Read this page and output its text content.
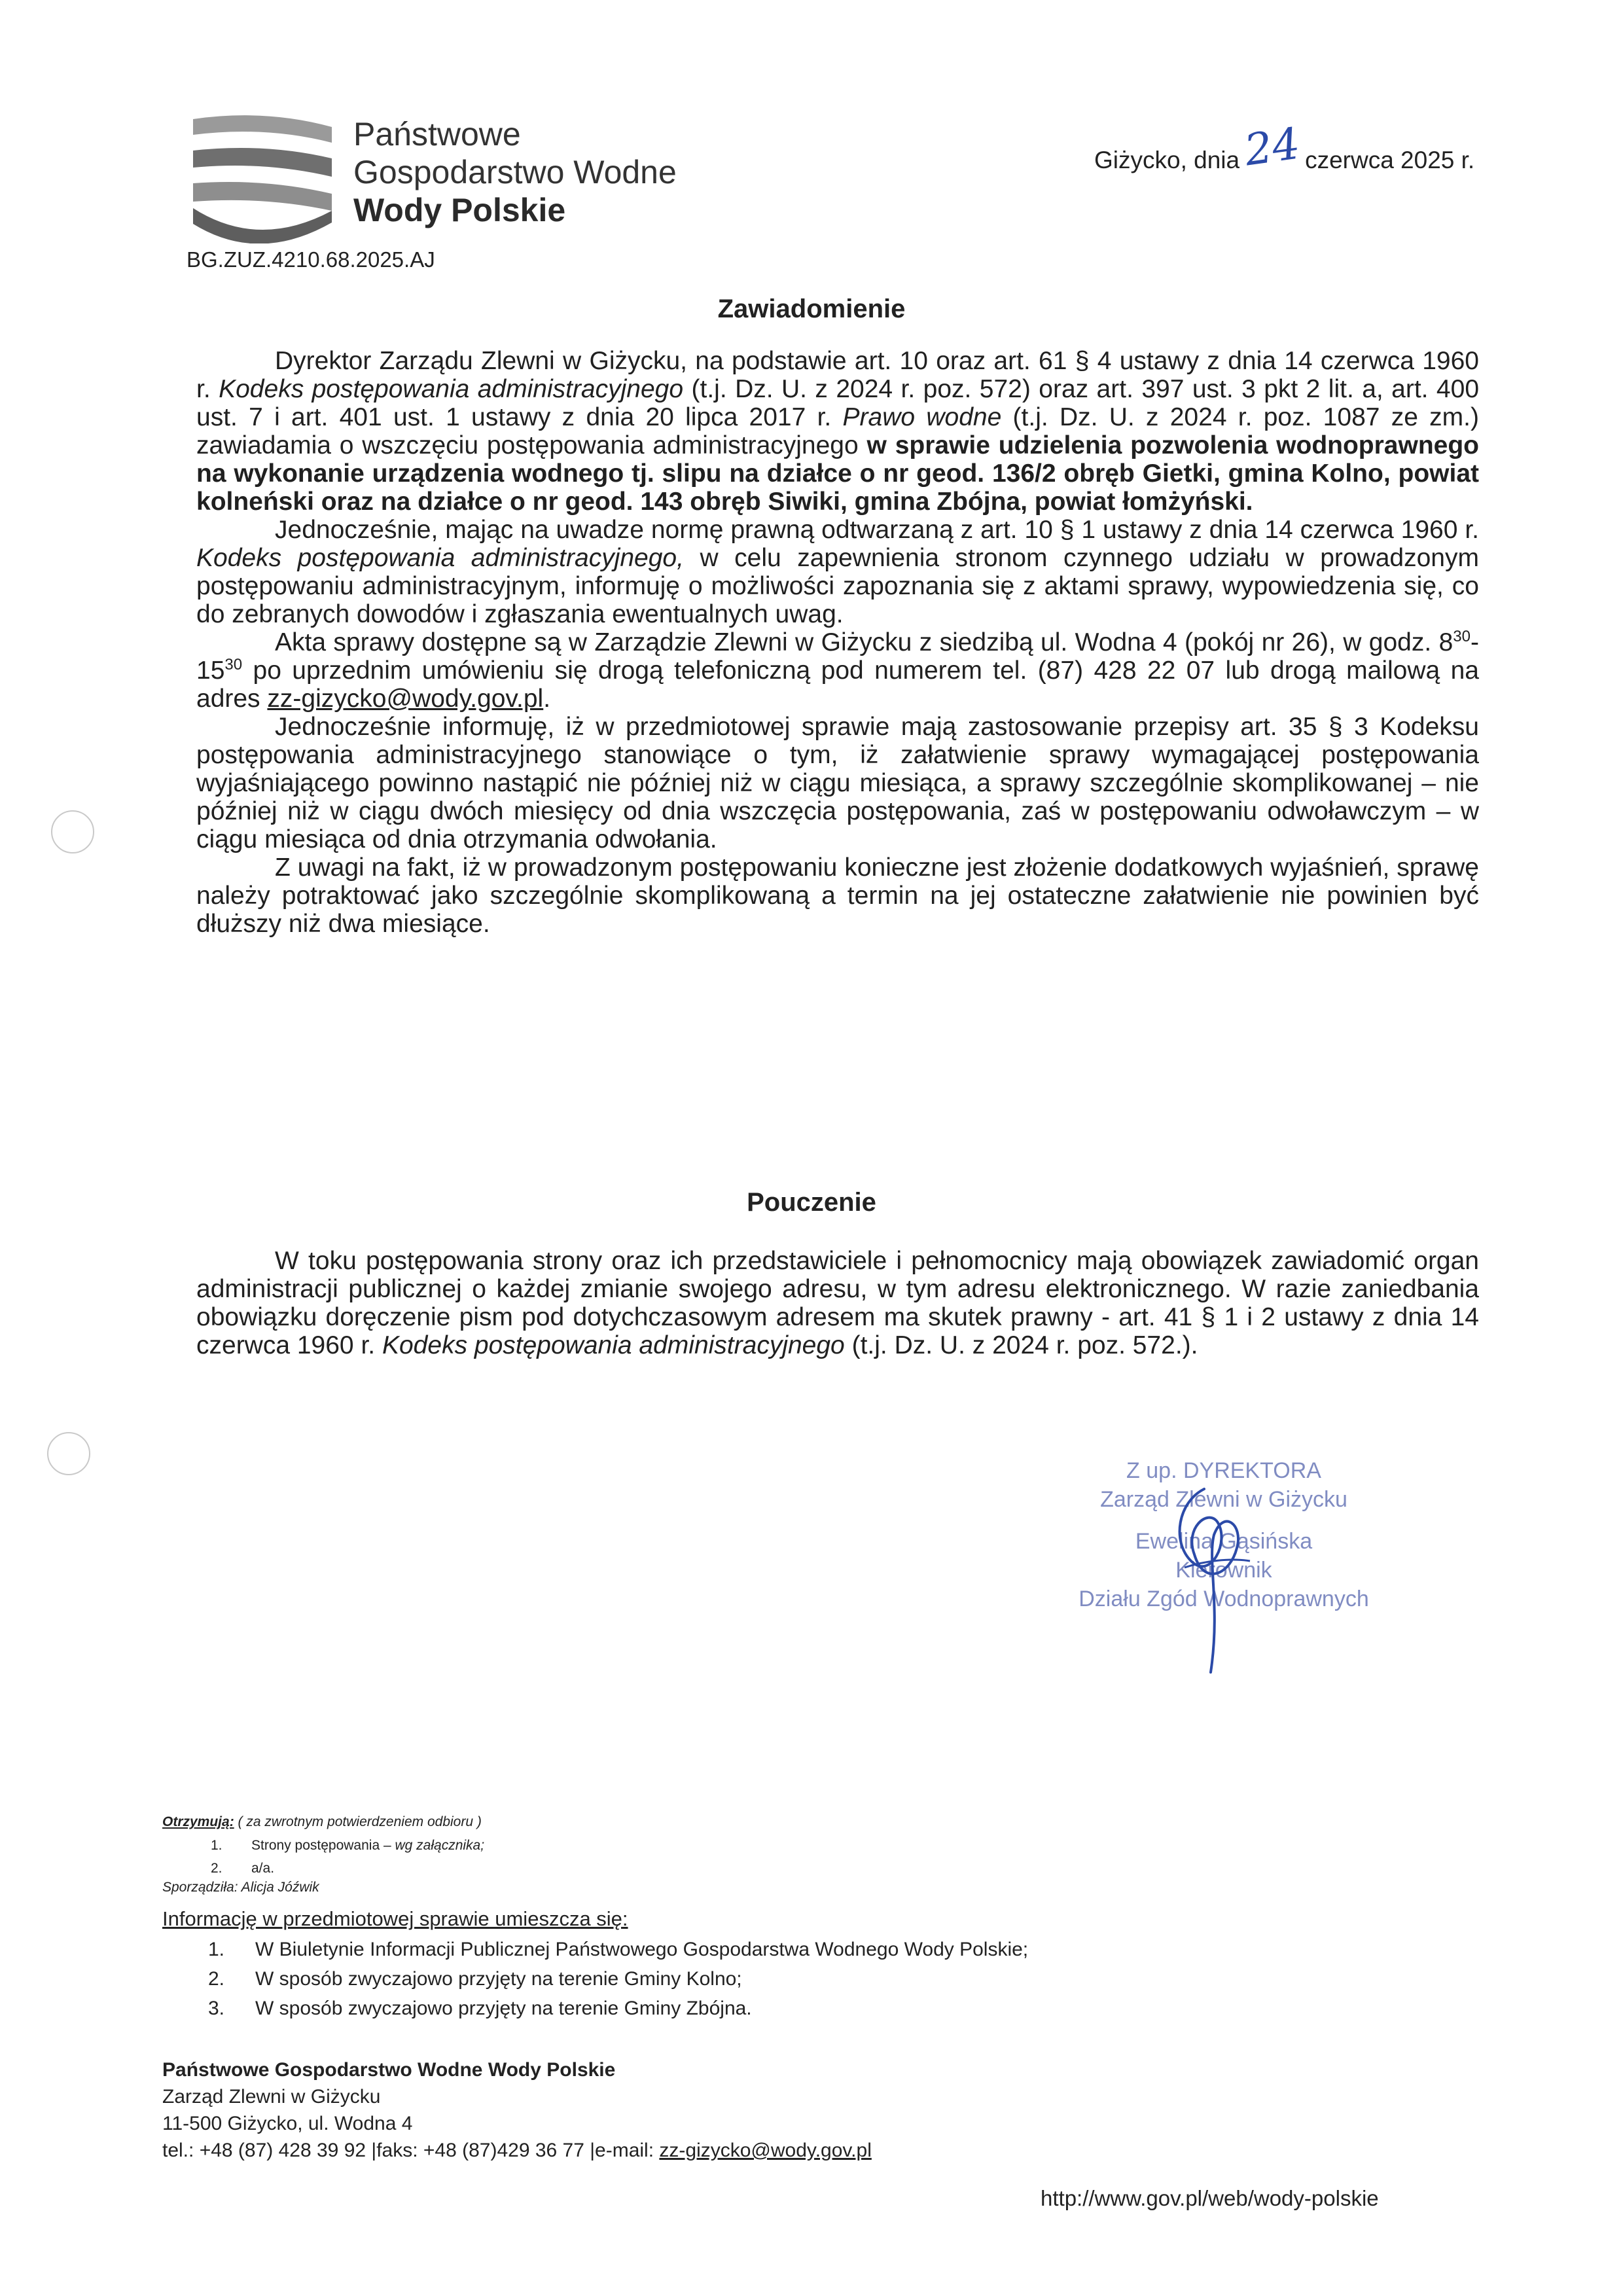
Państwowe
Gospodarstwo Wodne
Wody Polskie
BG.ZUZ.4210.68.2025.AJ
Giżycko, dnia24czerwca 2025 r.
Zawiadomienie

Dyrektor Zarządu Zlewni w Giżycku, na podstawie art. 10 oraz art. 61 § 4 ustawy z dnia 14 czerwca 1960 r. Kodeks postępowania administracyjnego (t.j. Dz. U. z 2024 r. poz. 572) oraz art. 397 ust. 3 pkt 2 lit. a, art. 400 ust. 7 i art. 401 ust. 1 ustawy z dnia 20 lipca 2017 r. Prawo wodne (t.j. Dz. U. z 2024 r. poz. 1087 ze zm.) zawiadamia o wszczęciu postępowania administracyjnego w sprawie udzielenia pozwolenia wodnoprawnego na wykonanie urządzenia wodnego tj. slipu na działce o nr geod. 136/2 obręb Gietki, gmina Kolno, powiat kolneński oraz na działce o nr geod. 143 obręb Siwiki, gmina Zbójna, powiat łomżyński.

Jednocześnie, mając na uwadze normę prawną odtwarzaną z art. 10 § 1 ustawy z dnia 14 czerwca 1960 r. Kodeks postępowania administracyjnego, w celu zapewnienia stronom czynnego udziału w prowadzonym postępowaniu administracyjnym, informuję o możliwości zapoznania się z aktami sprawy, wypowiedzenia się, co do zebranych dowodów i zgłaszania ewentualnych uwag.

Akta sprawy dostępne są w Zarządzie Zlewni w Giżycku z siedzibą ul. Wodna 4 (pokój nr 26), w godz. $8^{30}-15^{30}$ po uprzednim umówieniu się drogą telefoniczną pod numerem tel. (87) 428 22 07 lub drogą mailową na adres zz-gizycko@wody.gov.pl.

Jednocześnie informuję, iż w przedmiotowej sprawie mają zastosowanie przepisy art. 35 § 3 Kodeksu postępowania administracyjnego stanowiące o tym, iż załatwienie sprawy wymagającej postępowania wyjaśniającego powinno nastąpić nie później niż w ciągu miesiąca, a sprawy szczególnie skomplikowanej – nie później niż w ciągu dwóch miesięcy od dnia wszczęcia postępowania, zaś w postępowaniu odwoławczym – w ciągu miesiąca od dnia otrzymania odwołania.

Z uwagi na fakt, iż w prowadzonym postępowaniu konieczne jest złożenie dodatkowych wyjaśnień, sprawę należy potraktować jako szczególnie skomplikowaną a termin na jej ostateczne załatwienie nie powinien być dłuższy niż dwa miesiące.

Pouczenie

W toku postępowania strony oraz ich przedstawiciele i pełnomocnicy mają obowiązek zawiadomić organ administracji publicznej o każdej zmianie swojego adresu, w tym adresu elektronicznego. W razie zaniedbania obowiązku doręczenie pism pod dotychczasowym adresem ma skutek prawny - art. 41 § 1 i 2 ustawy z dnia 14 czerwca 1960 r. Kodeks postępowania administracyjnego (t.j. Dz. U. z 2024 r. poz. 572.).

Z up. DYREKTORA
Zarząd Zlewni w Giżycku
Ewelina Gąsińska
Kierownik
Działu Zgód Wodnoprawnych
Otrzymują: ( za zwrotnym potwierdzeniem odbioru )
1. Strony postępowania – wg załącznika;
2. a/a.
Sporządziła: Alicja Jóźwik
Informację w przedmiotowej sprawie umieszcza się:
1. W Biuletynie Informacji Publicznej Państwowego Gospodarstwa Wodnego Wody Polskie;
2. W sposób zwyczajowo przyjęty na terenie Gminy Kolno;
3. W sposób zwyczajowo przyjęty na terenie Gminy Zbójna.
Państwowe Gospodarstwo Wodne Wody Polskie
Zarząd Zlewni w Giżycku
11-500 Giżycko, ul. Wodna 4
tel.: +48 (87) 428 39 92 |faks: +48 (87)429 36 77 |e-mail: zz-gizycko@wody.gov.pl
http://www.gov.pl/web/wody-polskie
